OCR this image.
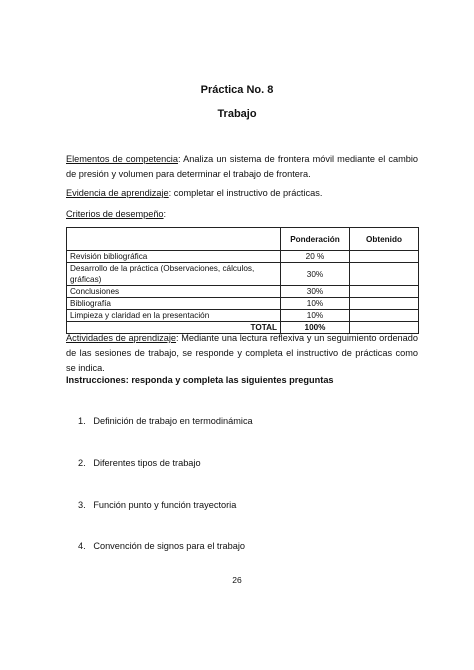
Práctica No. 8
Trabajo
Elementos de competencia: Analiza un sistema de frontera móvil mediante el cambio de presión y volumen para determinar el trabajo de frontera.
Evidencia de aprendizaje: completar el instructivo de prácticas.
Criterios de desempeño:
	Ponderación	Obtenido
Revisión bibliográfica	20 %	
Desarrollo de la práctica (Observaciones, cálculos, gráficas)	30%	
Conclusiones	30%	
Bibliografía	10%	
Limpieza y claridad en la presentación	10%	
TOTAL	100%	
Actividades de aprendizaje: Mediante una lectura reflexiva y un seguimiento ordenado de las sesiones de trabajo, se responde y completa el instructivo de prácticas como se indica.
Instrucciones: responda y completa las siguientes preguntas
1.   Definición de trabajo en termodinámica
2.   Diferentes tipos de trabajo
3.   Función punto y función trayectoria
4.   Convención de signos para el trabajo
26
